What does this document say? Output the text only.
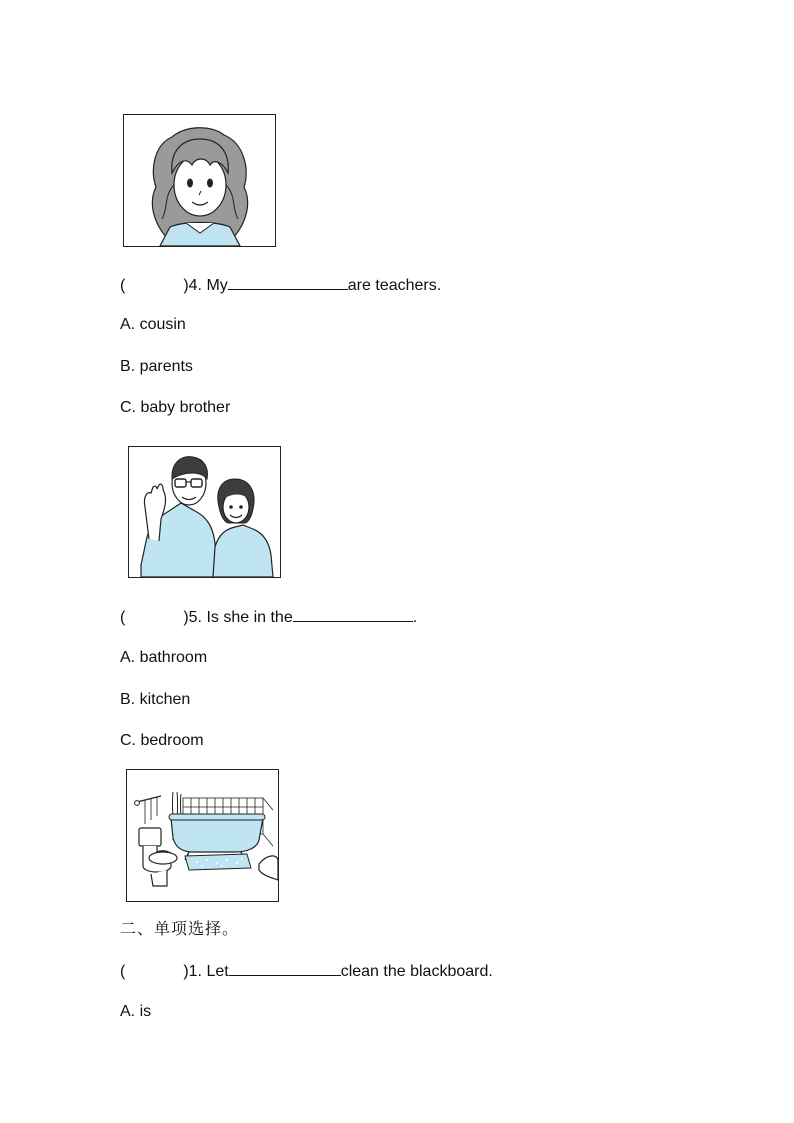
(	)4. My	are teachers.
A. cousin
B. parents
C. baby brother
(	)5. Is she in the	.
A. bathroom
B. kitchen
C. bedroom
二、单项选择。
(	)1. Let	clean the blackboard.
A. is
